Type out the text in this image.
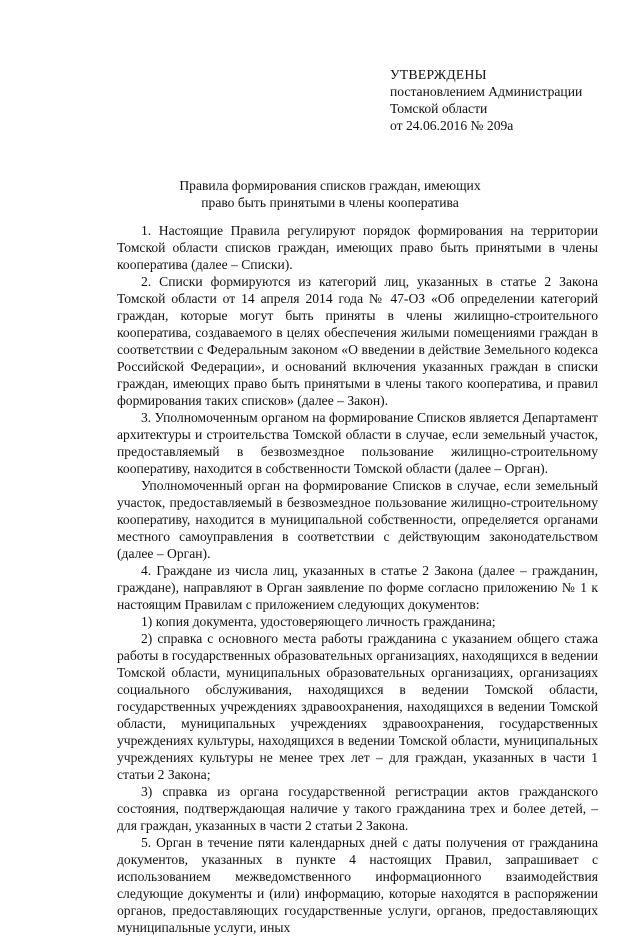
УТВЕРЖДЕНЫ
постановлением Администрации
Томской области
от 24.06.2016 № 209а
Правила формирования списков граждан, имеющих
право быть принятыми в члены кооператива

1. Настоящие Правила регулируют порядок формирования на территории Томской области списков граждан, имеющих право быть принятыми в члены кооператива (далее – Списки).

2. Списки формируются из категорий лиц, указанных в статье 2 Закона Томской области от 14 апреля 2014 года № 47-ОЗ «Об определении категорий граждан, которые могут быть приняты в члены жилищно-строительного кооператива, создаваемого в целях обеспечения жилыми помещениями граждан в соответствии с Федеральным законом «О введении в действие Земельного кодекса Российской Федерации», и оснований включения указанных граждан в списки граждан, имеющих право быть принятыми в члены такого кооператива, и правил формирования таких списков» (далее – Закон).

3. Уполномоченным органом на формирование Списков является Департамент архитектуры и строительства Томской области в случае, если земельный участок, предоставляемый в безвозмездное пользование жилищно-строительному кооперативу, находится в собственности Томской области (далее – Орган).

Уполномоченный орган на формирование Списков в случае, если земельный участок, предоставляемый в безвозмездное пользование жилищно-строительному кооперативу, находится в муниципальной собственности, определяется органами местного самоуправления в соответствии с действующим законодательством (далее – Орган).

4. Граждане из числа лиц, указанных в статье 2 Закона (далее – гражданин, граждане), направляют в Орган заявление по форме согласно приложению № 1 к настоящим Правилам с приложением следующих документов:

1) копия документа, удостоверяющего личность гражданина;

2) справка с основного места работы гражданина с указанием общего стажа работы в государственных образовательных организациях, находящихся в ведении Томской области, муниципальных образовательных организациях, организациях социального обслуживания, находящихся в ведении Томской области, государственных учреждениях здравоохранения, находящихся в ведении Томской области, муниципальных учреждениях здравоохранения, государственных учреждениях культуры, находящихся в ведении Томской области, муниципальных учреждениях культуры не менее трех лет – для граждан, указанных в части 1 статьи 2 Закона;

3) справка из органа государственной регистрации актов гражданского состояния, подтверждающая наличие у такого гражданина трех и более детей, – для граждан, указанных в части 2 статьи 2 Закона.

5. Орган в течение пяти календарных дней с даты получения от гражданина документов, указанных в пункте 4 настоящих Правил, запрашивает с использованием межведомственного информационного взаимодействия следующие документы и (или) информацию, которые находятся в распоряжении органов, предоставляющих государственные услуги, органов, предоставляющих муниципальные услуги, иных
